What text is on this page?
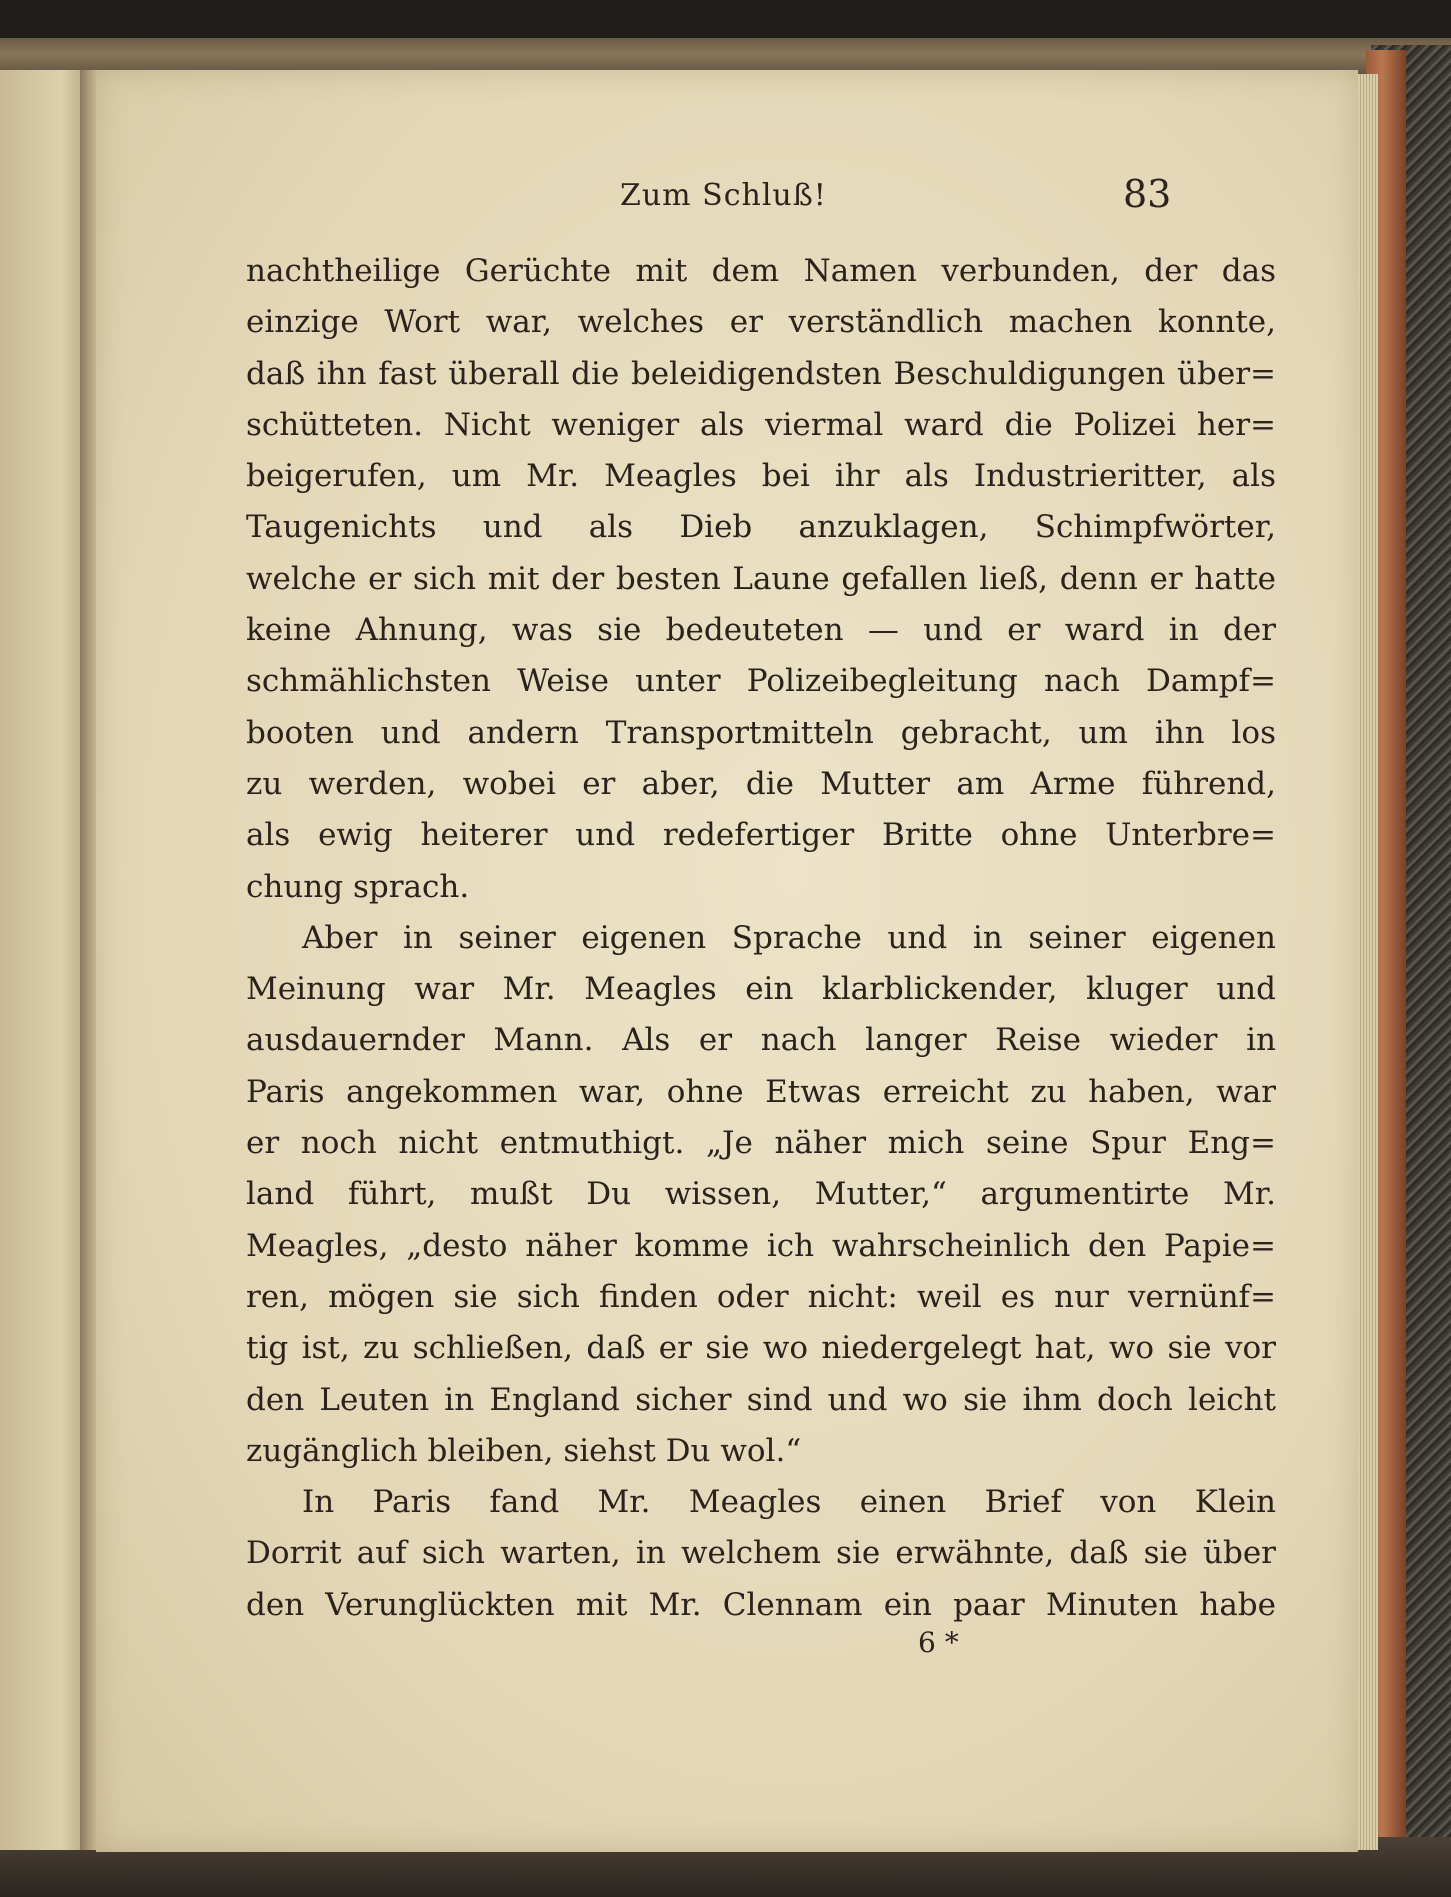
Zum Schluß!	83
nachtheilige Gerüchte mit dem Namen verbunden, der das
einzige Wort war, welches er verständlich machen konnte,
daß ihn fast überall die beleidigendsten Beschuldigungen über=
schütteten. Nicht weniger als viermal ward die Polizei her=
beigerufen, um Mr. Meagles bei ihr als Industrieritter, als
Taugenichts und als Dieb anzuklagen, Schimpfwörter,
welche er sich mit der besten Laune gefallen ließ, denn er hatte
keine Ahnung, was sie bedeuteten — und er ward in der
schmählichsten Weise unter Polizeibegleitung nach Dampf=
booten und andern Transportmitteln gebracht, um ihn los
zu werden, wobei er aber, die Mutter am Arme führend,
als ewig heiterer und redefertiger Britte ohne Unterbre=
chung sprach.
Aber in seiner eigenen Sprache und in seiner eigenen
Meinung war Mr. Meagles ein klarblickender, kluger und
ausdauernder Mann. Als er nach langer Reise wieder in
Paris angekommen war, ohne Etwas erreicht zu haben, war
er noch nicht entmuthigt. „Je näher mich seine Spur Eng=
land führt, mußt Du wissen, Mutter,“ argumentirte Mr.
Meagles, „desto näher komme ich wahrscheinlich den Papie=
ren, mögen sie sich finden oder nicht: weil es nur vernünf=
tig ist, zu schließen, daß er sie wo niedergelegt hat, wo sie vor
den Leuten in England sicher sind und wo sie ihm doch leicht
zugänglich bleiben, siehst Du wol.“
In Paris fand Mr. Meagles einen Brief von Klein
Dorrit auf sich warten, in welchem sie erwähnte, daß sie über
den Verunglückten mit Mr. Clennam ein paar Minuten habe
6 *
